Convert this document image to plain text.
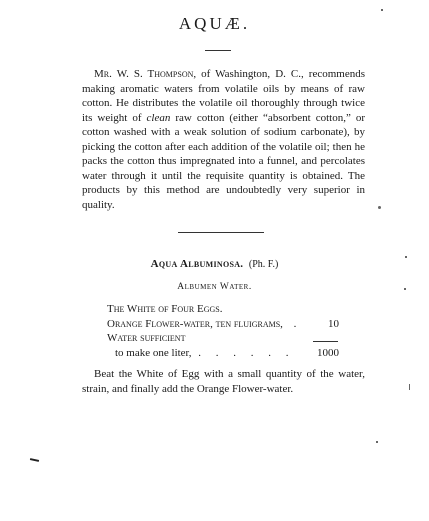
AQUÆ.

Mr. W. S. Thompson, of Washington, D. C., recommends making aromatic waters from volatile oils by means of raw cotton. He distributes the volatile oil thoroughly through twice its weight of clean raw cotton (either “absorbent cotton,” or cotton washed with a weak solution of sodium carbonate), by picking the cotton after each addition of the volatile oil; then he packs the cotton thus impregnated into a funnel, and percolates water through it until the requisite quantity is obtained. The products by this method are undoubtedly very superior in quality.

Aqua Albuminosa. (Ph. F.)

Albumen Water.

The White of Four Eggs.
Orange Flower-water, ten fluigrams, . 10
Water sufficient
to make one liter, . . . . . . 1000

Beat the White of Egg with a small quantity of the water, strain, and finally add the Orange Flower-water.
